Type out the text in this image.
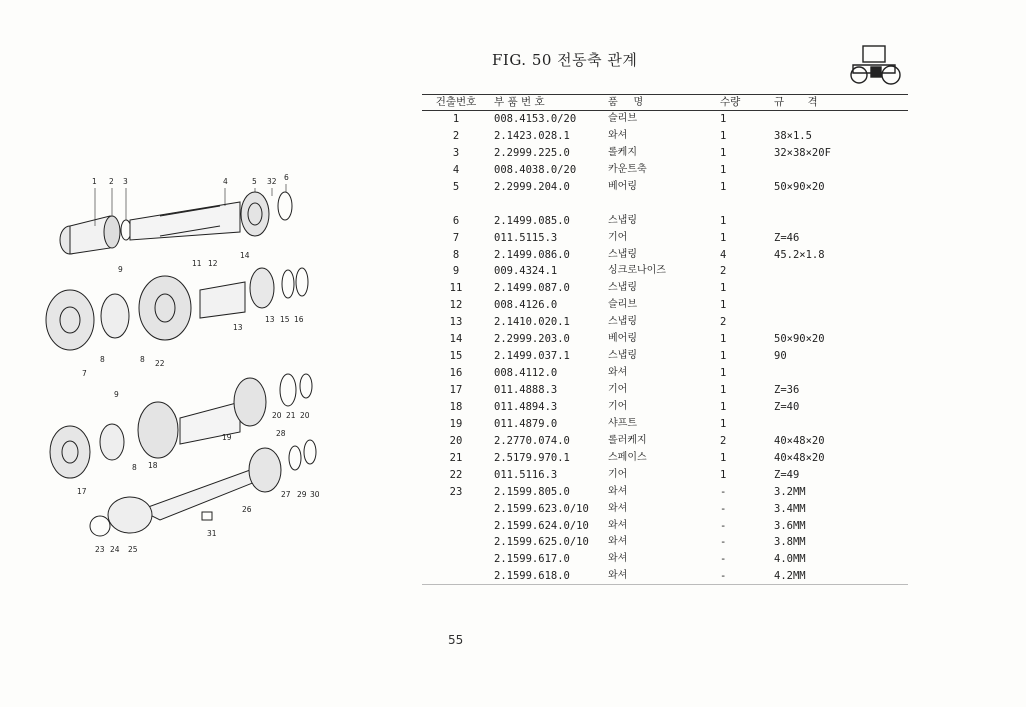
1 2 3	4	5 32 6
11 12
14
9
13
13 15 16
7
8	8 22
9
20 21 20
28
19
17
8 18
27 29 30
26
31
23 24 25
FIG. 50 전동축 관계
건출번호	부 품 번 호	품     명	수량	규       격
1	008.4153.0/20	슬리브	1
2	2.1423.028.1	와셔	1	38×1.5
3	2.2999.225.0	롤케지	1	32×38×20F
4	008.4038.0/20	카운트축	1
5	2.2999.204.0	베어링	1	50×90×20
6	2.1499.085.0	스냅링	1
7	011.5115.3	기어	1	Z=46
8	2.1499.086.0	스냅링	4	45.2×1.8
9	009.4324.1	싱크로나이즈	2
11	2.1499.087.0	스냅링	1
12	008.4126.0	슬리브	1
13	2.1410.020.1	스냅링	2
14	2.2999.203.0	베어링	1	50×90×20
15	2.1499.037.1	스냅링	1	90
16	008.4112.0	와셔	1
17	011.4888.3	기어	1	Z=36
18	011.4894.3	기어	1	Z=40
19	011.4879.0	샤프트	1
20	2.2770.074.0	롤러케지	2	40×48×20
21	2.5179.970.1	스페이스	1	40×48×20
22	011.5116.3	기어	1	Z=49
23	2.1599.805.0	와셔	-	3.2MM
2.1599.623.0/10	와셔	-	3.4MM
2.1599.624.0/10	와셔	-	3.6MM
2.1599.625.0/10	와셔	-	3.8MM
2.1599.617.0	와셔	-	4.0MM
2.1599.618.0	와셔	-	4.2MM
55
